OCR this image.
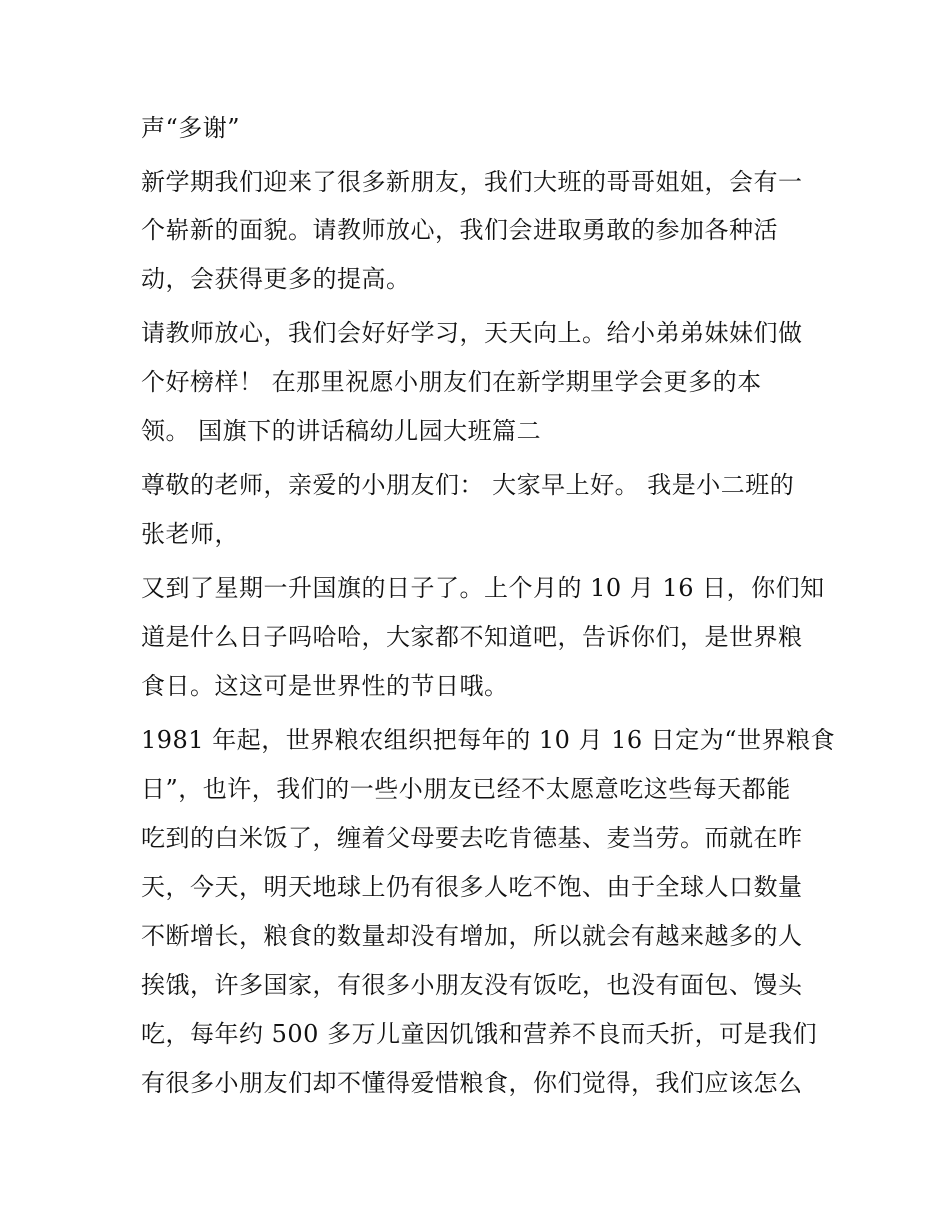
声“多谢”

新学期我们迎来了很多新朋友，我们大班的哥哥姐姐，会有一

个崭新的面貌。请教师放心，我们会进取勇敢的参加各种活

动，会获得更多的提高。

请教师放心，我们会好好学习，天天向上。给小弟弟妹妹们做

个好榜样！ 在那里祝愿小朋友们在新学期里学会更多的本

领。 国旗下的讲话稿幼儿园大班篇二

尊敬的老师，亲爱的小朋友们： 大家早上好。 我是小二班的

张老师，

又到了星期一升国旗的日子了。上个月的 10 月 16 日，你们知

道是什么日子吗哈哈，大家都不知道吧，告诉你们，是世界粮

食日。这这可是世界性的节日哦。

1981 年起，世界粮农组织把每年的 10 月 16 日定为“世界粮食

日”，也许，我们的一些小朋友已经不太愿意吃这些每天都能

吃到的白米饭了，缠着父母要去吃肯德基、麦当劳。而就在昨

天，今天，明天地球上仍有很多人吃不饱、由于全球人口数量

不断增长，粮食的数量却没有增加，所以就会有越来越多的人

挨饿，许多国家，有很多小朋友没有饭吃，也没有面包、馒头

吃，每年约 500 多万儿童因饥饿和营养不良而夭折，可是我们

有很多小朋友们却不懂得爱惜粮食，你们觉得，我们应该怎么
